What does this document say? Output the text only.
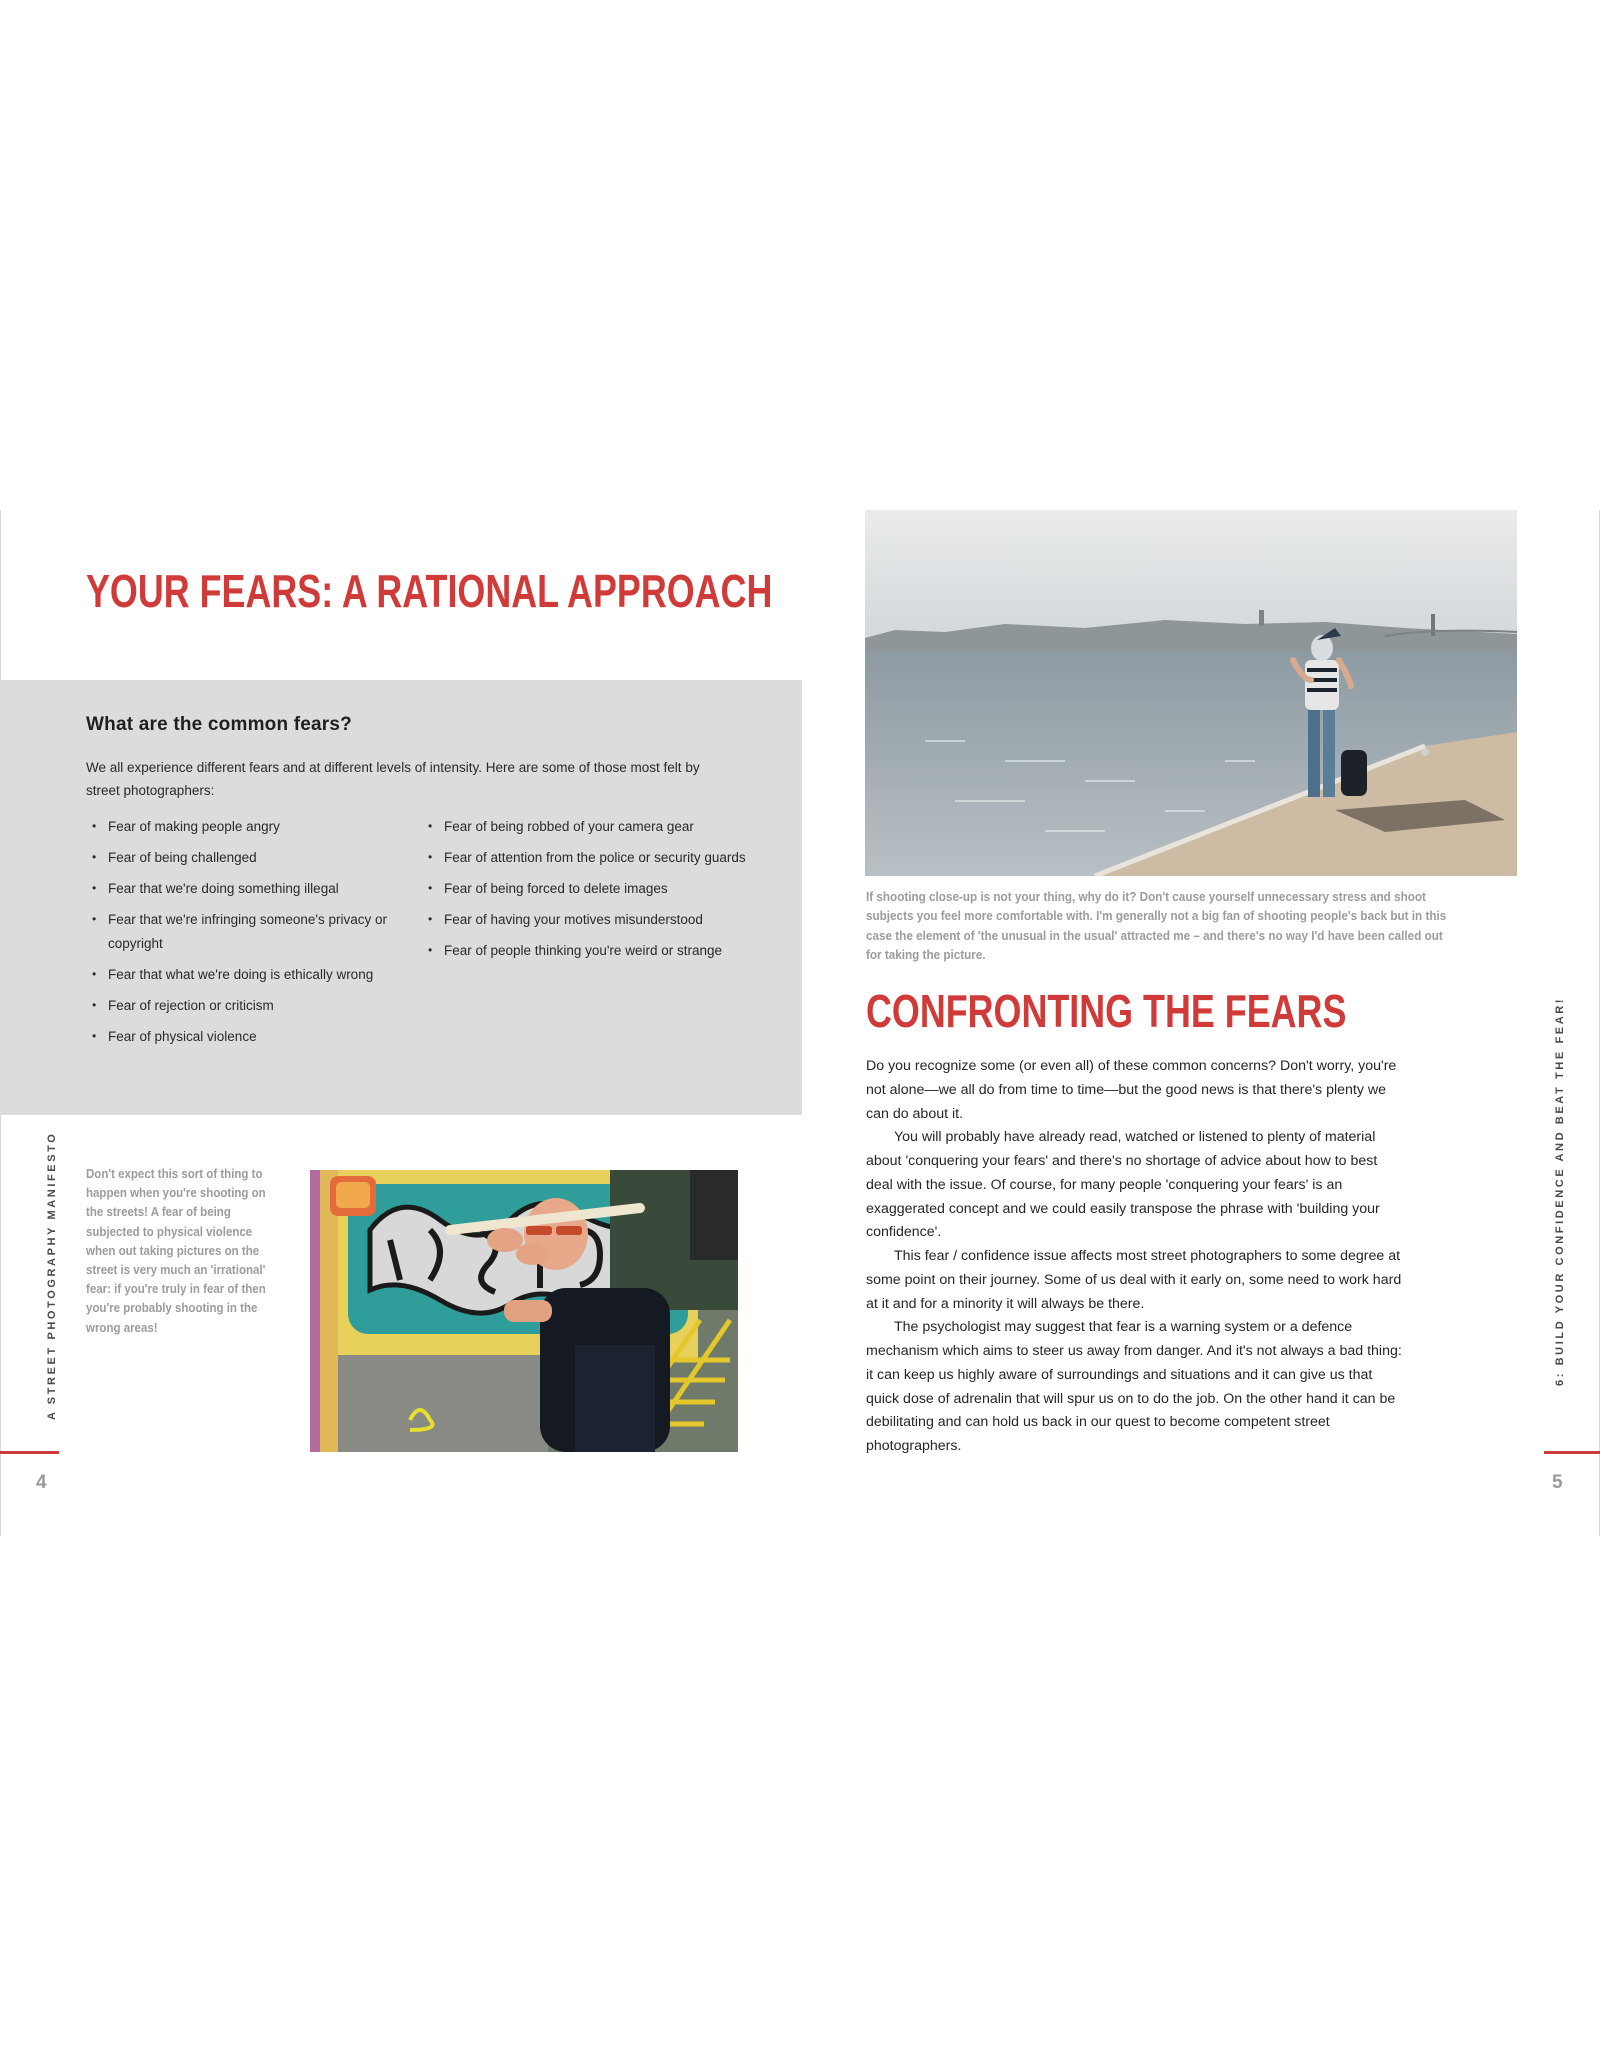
YOUR FEARS: A RATIONAL APPROACH
What are the common fears?

We all experience different fears and at different levels of intensity. Here are some of those most felt by street photographers:

• Fear of making people angry
• Fear of being challenged
• Fear that we're doing something illegal
• Fear that we're infringing someone's privacy or copyright
• Fear that what we're doing is ethically wrong
• Fear of rejection or criticism
• Fear of physical violence
• Fear of being robbed of your camera gear
• Fear of attention from the police or security guards
• Fear of being forced to delete images
• Fear of having your motives misunderstood
• Fear of people thinking you're weird or strange

Don't expect this sort of thing to happen when you're shooting on the streets! A fear of being subjected to physical violence when out taking pictures on the street is very much an 'irrational' fear: if you're truly in fear of then you're probably shooting in the wrong areas!

A STREET PHOTOGRAPHY MANIFESTO
4

If shooting close-up is not your thing, why do it? Don't cause yourself unnecessary stress and shoot subjects you feel more comfortable with. I'm generally not a big fan of shooting people's back but in this case the element of 'the unusual in the usual' attracted me – and there's no way I'd have been called out for taking the picture.

CONFRONTING THE FEARS

Do you recognize some (or even all) of these common concerns? Don't worry, you're not alone—we all do from time to time—but the good news is that there's plenty we can do about it.

You will probably have already read, watched or listened to plenty of material about 'conquering your fears' and there's no shortage of advice about how to best deal with the issue. Of course, for many people 'conquering your fears' is an exaggerated concept and we could easily transpose the phrase with 'building your confidence'.

This fear / confidence issue affects most street photographers to some degree at some point on their journey. Some of us deal with it early on, some need to work hard at it and for a minority it will always be there.

The psychologist may suggest that fear is a warning system or a defence mechanism which aims to steer us away from danger. And it's not always a bad thing: it can keep us highly aware of surroundings and situations and it can give us that quick dose of adrenalin that will spur us on to do the job. On the other hand it can be debilitating and can hold us back in our quest to become competent street photographers.

6: BUILD YOUR CONFIDENCE AND BEAT THE FEAR!
5
